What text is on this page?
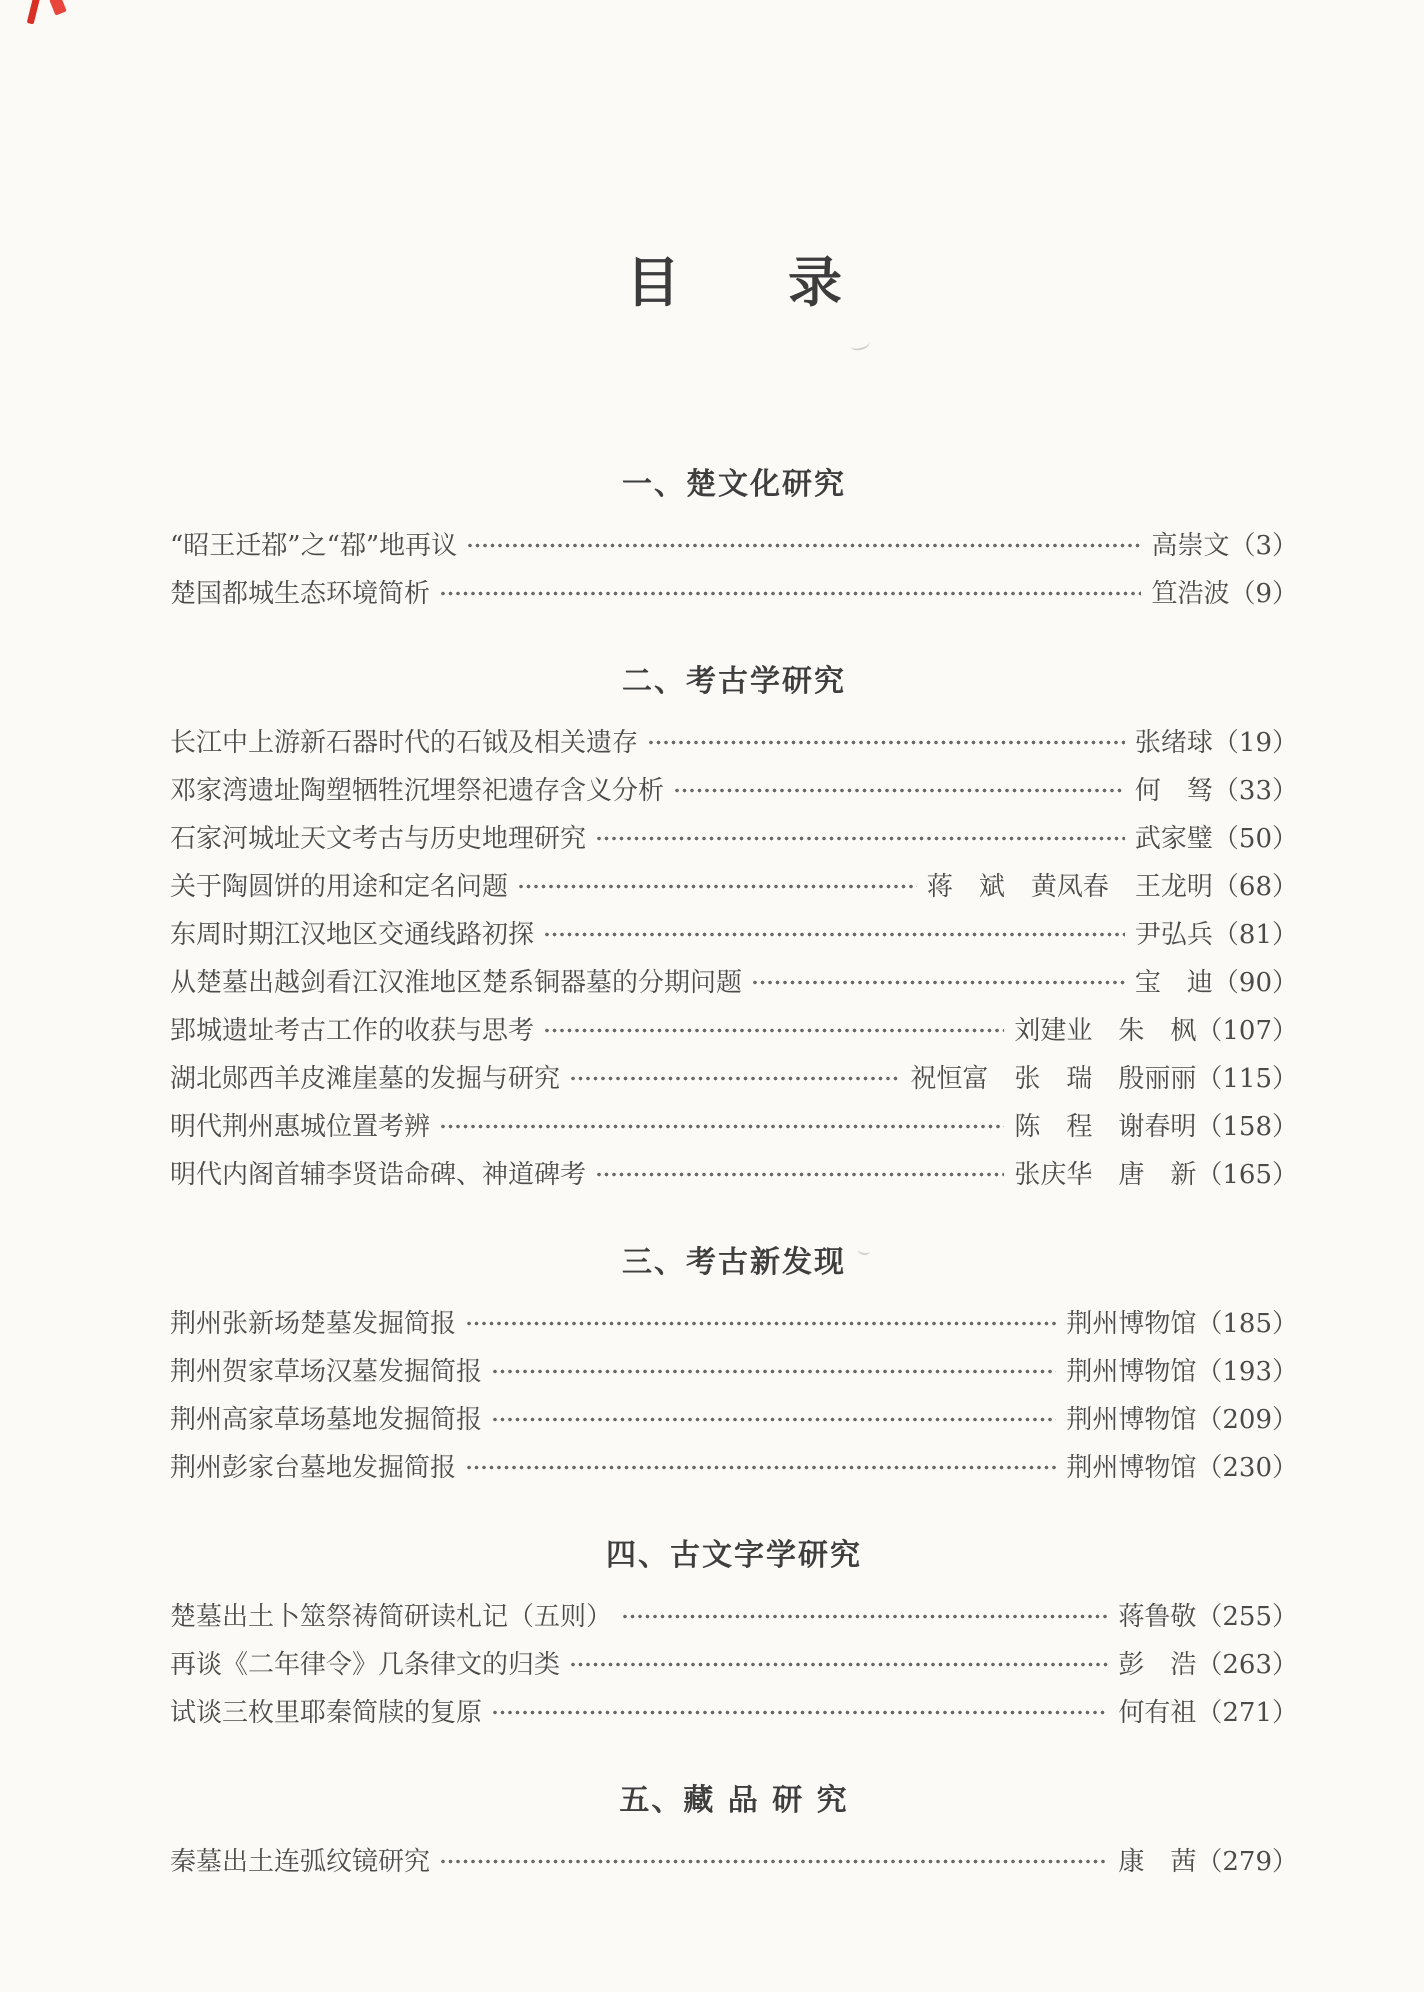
目　　录
一、楚文化研究
“昭王迁鄀”之“鄀”地再议	高崇文 （3）
楚国都城生态环境简析	笪浩波 （9）
二、考古学研究
长江中上游新石器时代的石钺及相关遗存	张绪球 （19）
邓家湾遗址陶塑牺牲沉埋祭祀遗存含义分析	何　驽 （33）
石家河城址天文考古与历史地理研究	武家璧 （50）
关于陶圆饼的用途和定名问题	蒋　斌　黄凤春　王龙明 （68）
东周时期江汉地区交通线路初探	尹弘兵 （81）
从楚墓出越剑看江汉淮地区楚系铜器墓的分期问题	宝　迪 （90）
郢城遗址考古工作的收获与思考	刘建业　朱　枫 （107）
湖北郧西羊皮滩崖墓的发掘与研究	祝恒富　张　瑞　殷丽丽 （115）
明代荆州惠城位置考辨	陈　程　谢春明 （158）
明代内阁首辅李贤诰命碑、神道碑考	张庆华　唐　新 （165）
三、考古新发现
荆州张新场楚墓发掘简报	荆州博物馆 （185）
荆州贺家草场汉墓发掘简报	荆州博物馆 （193）
荆州高家草场墓地发掘简报	荆州博物馆 （209）
荆州彭家台墓地发掘简报	荆州博物馆 （230）
四、古文字学研究
楚墓出土卜筮祭祷简研读札记（五则）	蒋鲁敬 （255）
再谈《二年律令》几条律文的归类	彭　浩 （263）
试谈三枚里耶秦简牍的复原	何有祖 （271）
五、藏 品 研 究
秦墓出土连弧纹镜研究	康　茜 （279）
